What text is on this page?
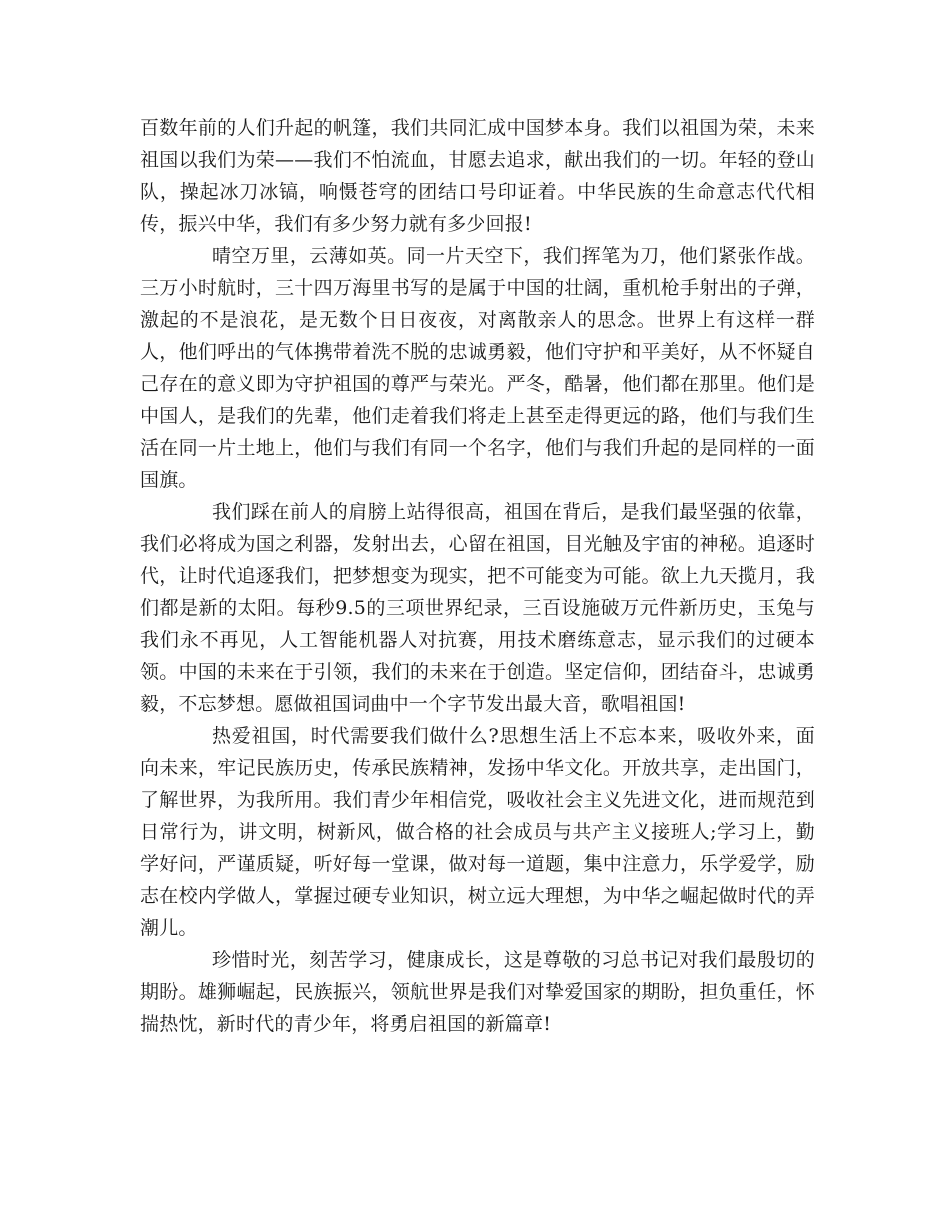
百数年前的人们升起的帆篷，我们共同汇成中国梦本身。我们以祖国为荣，未来祖国以我们为荣——我们不怕流血，甘愿去追求，献出我们的一切。年轻的登山队，操起冰刀冰镐，响慑苍穹的团结口号印证着。中华民族的生命意志代代相传，振兴中华，我们有多少努力就有多少回报!

晴空万里，云薄如英。同一片天空下，我们挥笔为刀，他们紧张作战。三万小时航时，三十四万海里书写的是属于中国的壮阔，重机枪手射出的子弹，激起的不是浪花，是无数个日日夜夜，对离散亲人的思念。世界上有这样一群人，他们呼出的气体携带着洗不脱的忠诚勇毅，他们守护和平美好，从不怀疑自己存在的意义即为守护祖国的尊严与荣光。严冬，酷暑，他们都在那里。他们是中国人，是我们的先辈，他们走着我们将走上甚至走得更远的路，他们与我们生活在同一片土地上，他们与我们有同一个名字，他们与我们升起的是同样的一面国旗。

我们踩在前人的肩膀上站得很高，祖国在背后，是我们最坚强的依靠，我们必将成为国之利器，发射出去，心留在祖国，目光触及宇宙的神秘。追逐时代，让时代追逐我们，把梦想变为现实，把不可能变为可能。欲上九天揽月，我们都是新的太阳。每秒9.5的三项世界纪录，三百设施破万元件新历史，玉兔与我们永不再见，人工智能机器人对抗赛，用技术磨练意志，显示我们的过硬本领。中国的未来在于引领，我们的未来在于创造。坚定信仰，团结奋斗，忠诚勇毅，不忘梦想。愿做祖国词曲中一个字节发出最大音，歌唱祖国!

热爱祖国，时代需要我们做什么?思想生活上不忘本来，吸收外来，面向未来，牢记民族历史，传承民族精神，发扬中华文化。开放共享，走出国门，了解世界，为我所用。我们青少年相信党，吸收社会主义先进文化，进而规范到日常行为，讲文明，树新风，做合格的社会成员与共产主义接班人;学习上，勤学好问，严谨质疑，听好每一堂课，做对每一道题，集中注意力，乐学爱学，励志在校内学做人，掌握过硬专业知识，树立远大理想，为中华之崛起做时代的弄潮儿。

珍惜时光，刻苦学习，健康成长，这是尊敬的习总书记对我们最殷切的期盼。雄狮崛起，民族振兴，领航世界是我们对挚爱国家的期盼，担负重任，怀揣热忱，新时代的青少年，将勇启祖国的新篇章!
